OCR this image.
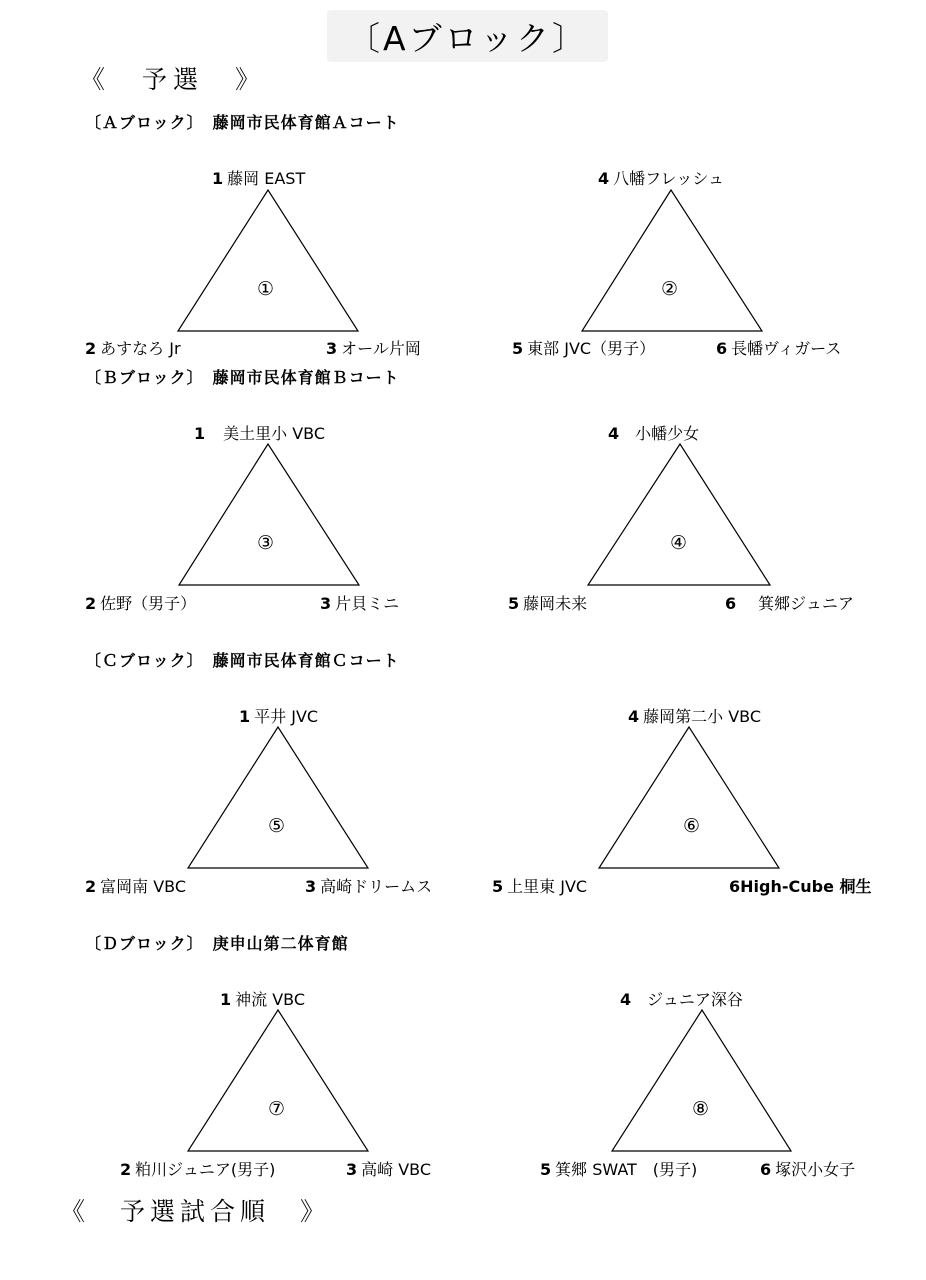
〔Aブロック〕
《　予選　》
〔Ａブロック〕　藤岡市民体育館Ａコート
〔Ｂブロック〕　藤岡市民体育館Ｂコート
〔Ｃブロック〕　藤岡市民体育館Ｃコート
〔Ｄブロック〕　庚申山第二体育館
①	②
③	④
⑤	⑥
⑦	⑧
1 藤岡 EAST
2 あすなろ Jr	3 オール片岡
4 八幡フレッシュ
5 東部 JVC（男子）	6 長幡ヴィガース
1 美土里小 VBC
2 佐野（男子）	3 片貝ミニ
4 小幡少女
5 藤岡未来	6 箕郷ジュニア
1 平井 JVC
2 富岡南 VBC	3 高崎ドリームス
4 藤岡第二小 VBC
5 上里東 JVC	6High-Cube 桐生
1 神流 VBC
2 粕川ジュニア(男子)	3 高崎 VBC
4 ジュニア深谷
5 箕郷 SWAT　(男子)	6 塚沢小女子
《　予選試合順　》
